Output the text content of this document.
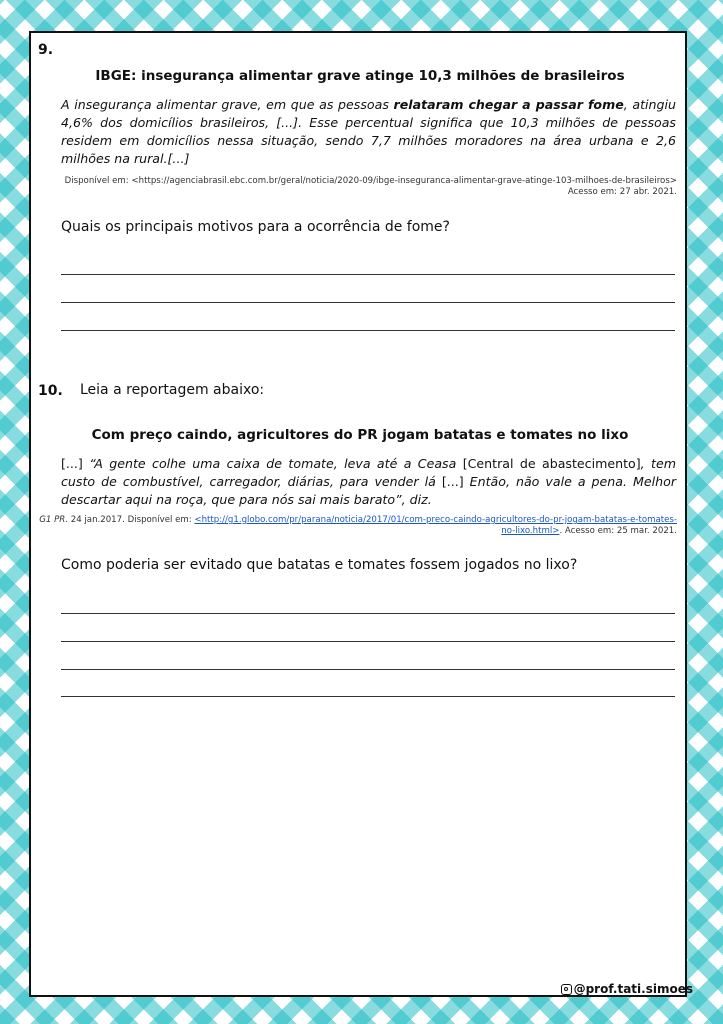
9.
IBGE: insegurança alimentar grave atinge 10,3 milhões de brasileiros
A insegurança alimentar grave, em que as pessoas relataram chegar a passar fome, atingiu 4,6% dos domicílios brasileiros, [...]. Esse percentual significa que 10,3 milhões de pessoas residem em domicílios nessa situação, sendo 7,7 milhões moradores na área urbana e 2,6 milhões na rural.[...]
Disponível em: <https://agenciabrasil.ebc.com.br/geral/noticia/2020-09/ibge-inseguranca-alimentar-grave-atinge-103-milhoes-de-brasileiros> Acesso em: 27 abr. 2021.
Quais os principais motivos para a ocorrência de fome?
10. Leia a reportagem abaixo:
Com preço caindo, agricultores do PR jogam batatas e tomates no lixo
[...] “A gente colhe uma caixa de tomate, leva até a Ceasa [Central de abastecimento], tem custo de combustível, carregador, diárias, para vender lá [...] Então, não vale a pena. Melhor descartar aqui na roça, que para nós sai mais barato”, diz.
G1 PR. 24 jan.2017. Disponível em: <http://g1.globo.com/pr/parana/noticia/2017/01/com-preco-caindo-agricultores-do-pr-jogam-batatas-e-tomates-no-lixo.html>. Acesso em: 25 mar. 2021.
Como poderia ser evitado que batatas e tomates fossem jogados no lixo?
@prof.tati.simoes
